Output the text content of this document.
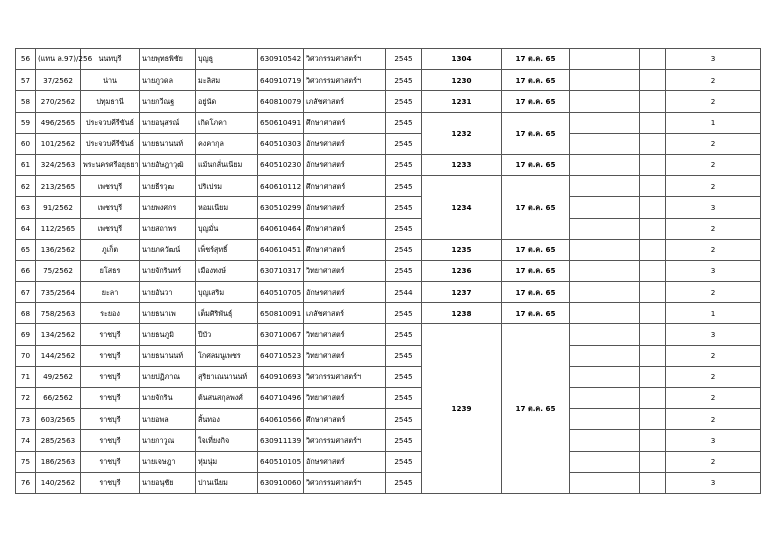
56	(แทน ล.97)/256	นนทบุรี	นายพุทธพิชัย	บุญธู	630910542	วิศวกรรมศาสตร์ฯ	2545	1304	17 ต.ค. 65			3
57	37/2562	น่าน	นายภูวดล	มะลิสม	640910719	วิศวกรรมศาสตร์ฯ	2545	1230	17 ต.ค. 65			2
58	270/2562	ปทุมธานี	นายกวีณฐ	อยู่นัด	640810079	เภสัชศาสตร์	2545	1231	17 ต.ค. 65			2
59	496/2565	ประจวบคีรีขันธ์	นายอนุสรณ์	เกิดโภคา	650610491	ศึกษาศาสตร์	2545	1232	17 ต.ค. 65			1
60	101/2562	ประจวบคีรีขันธ์	นายธนานนท์	คงคากุล	640510303	อักษรศาสตร์	2545					2
61	324/2563	พระนครศรีอยุธยา	นายอัษฎาวุฒิ	แม้นกลั่นเนียม	640510230	อักษรศาสตร์	2545	1233	17 ต.ค. 65			2
62	213/2565	เพชรบุรี	นายธีรวุฒ	ปริเปรม	640610112	ศึกษาศาสตร์	2545	1234	17 ต.ค. 65			2
63	91/2562	เพชรบุรี	นายพงศกร	หอมเนียม	630510299	อักษรศาสตร์	2545					3
64	112/2565	เพชรบุรี	นายสถาพร	บุญมั่น	640610464	ศึกษาศาสตร์	2545					2
65	136/2562	ภูเก็ต	นายภควัฒน์	เพ็ชร์สุทธิ์	640610451	ศึกษาศาสตร์	2545	1235	17 ต.ค. 65			2
66	75/2562	ยโสธร	นายจักรินทร์	เมืองทงษ์	630710317	วิทยาศาสตร์	2545	1236	17 ต.ค. 65			3
67	735/2564	ยะลา	นายอันวา	บุญเสริม	640510705	อักษรศาสตร์	2544	1237	17 ต.ค. 65			2
68	758/2563	ระยอง	นายธนาเพ	เต็มศิริพันธุ์	650810091	เภสัชศาสตร์	2545	1238	17 ต.ค. 65			1
69	134/2562	ราชบุรี	นายธนภูมิ	ปีบัว	630710067	วิทยาศาสตร์	2545	1239	17 ต.ค. 65			3
70	144/2562	ราชบุรี	นายธนานนท์	โกศลมนูเพชร	640710523	วิทยาศาสตร์	2545					2
71	49/2562	ราชบุรี	นายปฏิภาณ	สุริยาเณนานนท์	640910693	วิศวกรรมศาสตร์ฯ	2545					2
72	66/2562	ราชบุรี	นายจักริน	ต้นสนสกุลพงศ์	640710496	วิทยาศาสตร์	2545					2
73	603/2565	ราชบุรี	นายอพล	สิ้นทอง	640610566	ศึกษาศาสตร์	2545					2
74	285/2563	ราชบุรี	นายกาวูณ	ใจเที่ยงกิจ	630911139	วิศวกรรมศาสตร์ฯ	2545					3
75	186/2563	ราชบุรี	นายเจษฎา	หุ่มนุ่ม	640510105	อักษรศาสตร์	2545					2
76	140/2562	ราชบุรี	นายอนุชัย	ปานเนียม	630910060	วิศวกรรมศาสตร์ฯ	2545					3
